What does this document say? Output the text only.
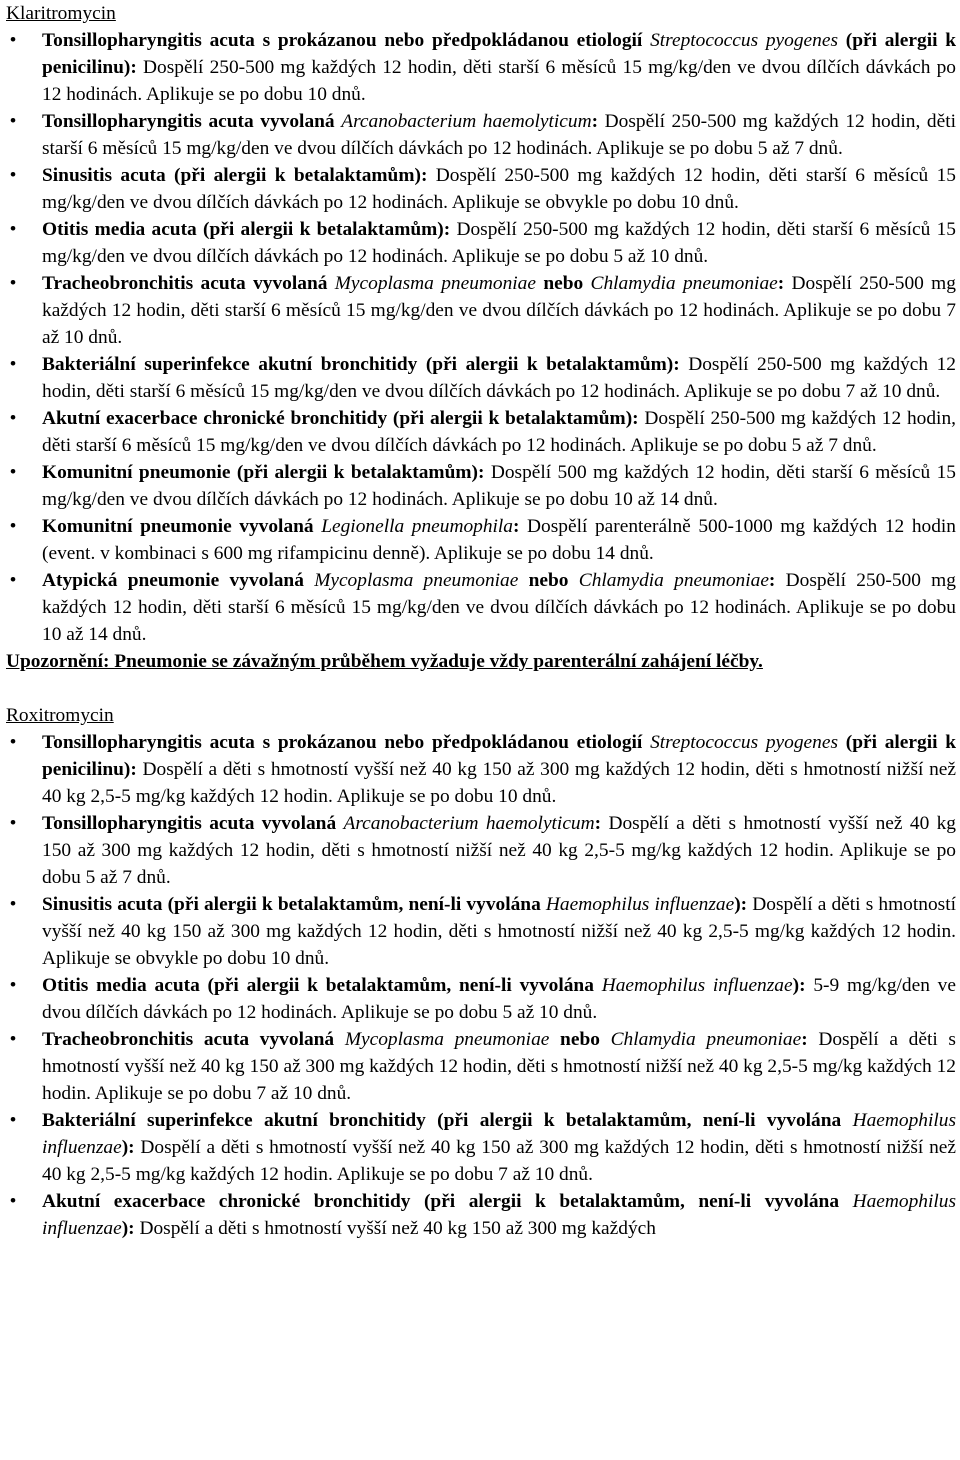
Klaritromycin
• Tonsillopharyngitis acuta s prokázanou nebo předpokládanou etiologií Streptococcus pyogenes (při alergii k penicilinu): Dospělí 250-500 mg každých 12 hodin, děti starší 6 měsíců 15 mg/kg/den ve dvou dílčích dávkách po 12 hodinách. Aplikuje se po dobu 10 dnů.
• Tonsillopharyngitis acuta vyvolaná Arcanobacterium haemolyticum: Dospělí 250-500 mg každých 12 hodin, děti starší 6 měsíců 15 mg/kg/den ve dvou dílčích dávkách po 12 hodinách. Aplikuje se po dobu 5 až 7 dnů.
• Sinusitis acuta (při alergii k betalaktamům): Dospělí 250-500 mg každých 12 hodin, děti starší 6 měsíců 15 mg/kg/den ve dvou dílčích dávkách po 12 hodinách. Aplikuje se obvykle po dobu 10 dnů.
• Otitis media acuta (při alergii k betalaktamům): Dospělí 250-500 mg každých 12 hodin, děti starší 6 měsíců 15 mg/kg/den ve dvou dílčích dávkách po 12 hodinách. Aplikuje se po dobu 5 až 10 dnů.
• Tracheobronchitis acuta vyvolaná Mycoplasma pneumoniae nebo Chlamydia pneumoniae: Dospělí 250-500 mg každých 12 hodin, děti starší 6 měsíců 15 mg/kg/den ve dvou dílčích dávkách po 12 hodinách. Aplikuje se po dobu 7 až 10 dnů.
• Bakteriální superinfekce akutní bronchitidy (při alergii k betalaktamům): Dospělí 250-500 mg každých 12 hodin, děti starší 6 měsíců 15 mg/kg/den ve dvou dílčích dávkách po 12 hodinách. Aplikuje se po dobu 7 až 10 dnů.
• Akutní exacerbace chronické bronchitidy (při alergii k betalaktamům): Dospělí 250-500 mg každých 12 hodin, děti starší 6 měsíců 15 mg/kg/den ve dvou dílčích dávkách po 12 hodinách. Aplikuje se po dobu 5 až 7 dnů.
• Komunitní pneumonie (při alergii k betalaktamům): Dospělí 500 mg každých 12 hodin, děti starší 6 měsíců 15 mg/kg/den ve dvou dílčích dávkách po 12 hodinách. Aplikuje se po dobu 10 až 14 dnů.
• Komunitní pneumonie vyvolaná Legionella pneumophila: Dospělí parenterálně 500-1000 mg každých 12 hodin (event. v kombinaci s 600 mg rifampicinu denně). Aplikuje se po dobu 14 dnů.
• Atypická pneumonie vyvolaná Mycoplasma pneumoniae nebo Chlamydia pneumoniae: Dospělí 250-500 mg každých 12 hodin, děti starší 6 měsíců 15 mg/kg/den ve dvou dílčích dávkách po 12 hodinách. Aplikuje se po dobu 10 až 14 dnů.
Upozornění: Pneumonie se závažným průběhem vyžaduje vždy parenterální zahájení léčby.
Roxitromycin
• Tonsillopharyngitis acuta s prokázanou nebo předpokládanou etiologií Streptococcus pyogenes (při alergii k penicilinu): Dospělí a děti s hmotností vyšší než 40 kg 150 až 300 mg každých 12 hodin, děti s hmotností nižší než 40 kg 2,5-5 mg/kg každých 12 hodin. Aplikuje se po dobu 10 dnů.
• Tonsillopharyngitis acuta vyvolaná Arcanobacterium haemolyticum: Dospělí a děti s hmotností vyšší než 40 kg 150 až 300 mg každých 12 hodin, děti s hmotností nižší než 40 kg 2,5-5 mg/kg každých 12 hodin. Aplikuje se po dobu 5 až 7 dnů.
• Sinusitis acuta (při alergii k betalaktamům, není-li vyvolána Haemophilus influenzae): Dospělí a děti s hmotností vyšší než 40 kg 150 až 300 mg každých 12 hodin, děti s hmotností nižší než 40 kg 2,5-5 mg/kg každých 12 hodin. Aplikuje se obvykle po dobu 10 dnů.
• Otitis media acuta (při alergii k betalaktamům, není-li vyvolána Haemophilus influenzae): 5-9 mg/kg/den ve dvou dílčích dávkách po 12 hodinách. Aplikuje se po dobu 5 až 10 dnů.
• Tracheobronchitis acuta vyvolaná Mycoplasma pneumoniae nebo Chlamydia pneumoniae: Dospělí a děti s hmotností vyšší než 40 kg 150 až 300 mg každých 12 hodin, děti s hmotností nižší než 40 kg 2,5-5 mg/kg každých 12 hodin. Aplikuje se po dobu 7 až 10 dnů.
• Bakteriální superinfekce akutní bronchitidy (při alergii k betalaktamům, není-li vyvolána Haemophilus influenzae): Dospělí a děti s hmotností vyšší než 40 kg 150 až 300 mg každých 12 hodin, děti s hmotností nižší než 40 kg 2,5-5 mg/kg každých 12 hodin. Aplikuje se po dobu 7 až 10 dnů.
• Akutní exacerbace chronické bronchitidy (při alergii k betalaktamům, není-li vyvolána Haemophilus influenzae): Dospělí a děti s hmotností vyšší než 40 kg 150 až 300 mg každých
